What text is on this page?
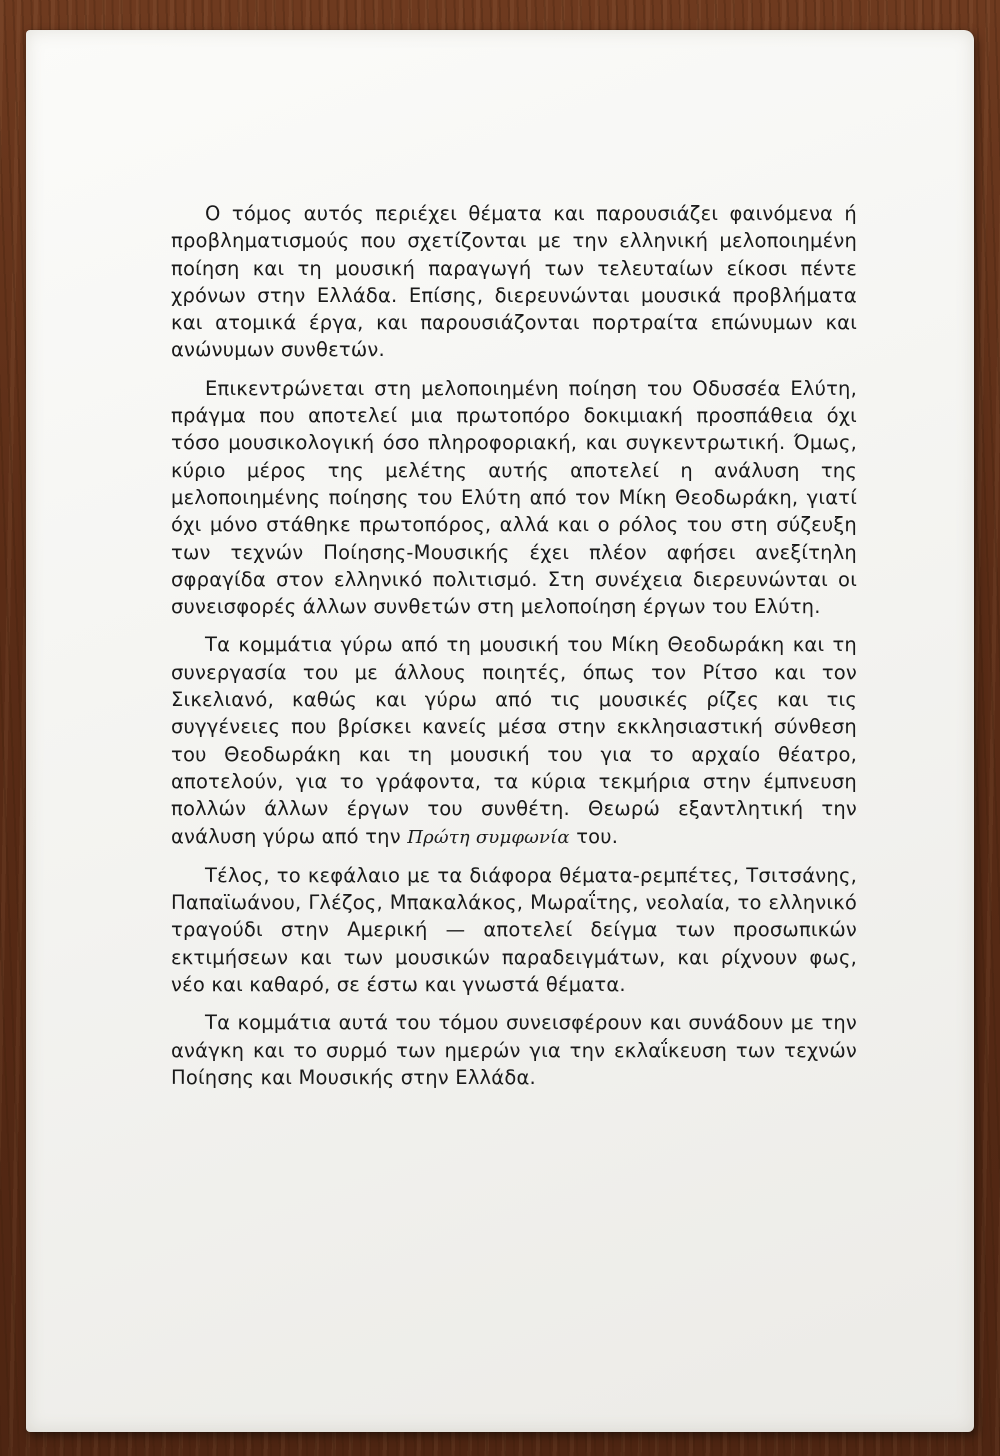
Ο τόμος αυτός περιέχει θέματα και παρουσιάζει φαινόμενα ή προβληματισμούς που σχετίζονται με την ελληνική μελοποιημένη ποίηση και τη μουσική παραγωγή των τελευταίων είκοσι πέντε χρόνων στην Ελλάδα. Επίσης, διερευνώνται μουσικά προβλήματα και ατομικά έργα, και παρουσιάζονται πορτραίτα επώνυμων και ανώνυμων συνθετών.

Επικεντρώνεται στη μελοποιημένη ποίηση του Οδυσσέα Ελύτη, πράγμα που αποτελεί μια πρωτοπόρο δοκιμιακή προσπάθεια όχι τόσο μουσικολογική όσο πληροφοριακή, και συγκεντρωτική. Όμως, κύριο μέρος της μελέτης αυτής αποτελεί η ανάλυση της μελοποιημένης ποίησης του Ελύτη από τον Μίκη Θεοδωράκη, γιατί όχι μόνο στάθηκε πρωτοπόρος, αλλά και ο ρόλος του στη σύζευξη των τεχνών Ποίησης-Μουσικής έχει πλέον αφήσει ανεξίτηλη σφραγίδα στον ελληνικό πολιτισμό. Στη συνέχεια διερευνώνται οι συνεισφορές άλλων συνθετών στη μελοποίηση έργων του Ελύτη.

Τα κομμάτια γύρω από τη μουσική του Μίκη Θεοδωράκη και τη συνεργασία του με άλλους ποιητές, όπως τον Ρίτσο και τον Σικελιανό, καθώς και γύρω από τις μουσικές ρίζες και τις συγγένειες που βρίσκει κανείς μέσα στην εκκλησιαστική σύνθεση του Θεοδωράκη και τη μουσική του για το αρχαίο θέατρο, αποτελούν, για το γράφοντα, τα κύρια τεκμήρια στην έμπνευση πολλών άλλων έργων του συνθέτη. Θεωρώ εξαντλητική την ανάλυση γύρω από την Πρώτη συμφωνία του.

Τέλος, το κεφάλαιο με τα διάφορα θέματα-ρεμπέτες, Τσιτσάνης, Παπαϊωάνου, Γλέζος, Μπακαλάκος, Μωραΐτης, νεολαία, το ελληνικό τραγούδι στην Αμερική — αποτελεί δείγμα των προσωπικών εκτιμήσεων και των μουσικών παραδειγμάτων, και ρίχνουν φως, νέο και καθαρό, σε έστω και γνωστά θέματα.

Τα κομμάτια αυτά του τόμου συνεισφέρουν και συνάδουν με την ανάγκη και το συρμό των ημερών για την εκλαΐκευση των τεχνών Ποίησης και Μουσικής στην Ελλάδα.
